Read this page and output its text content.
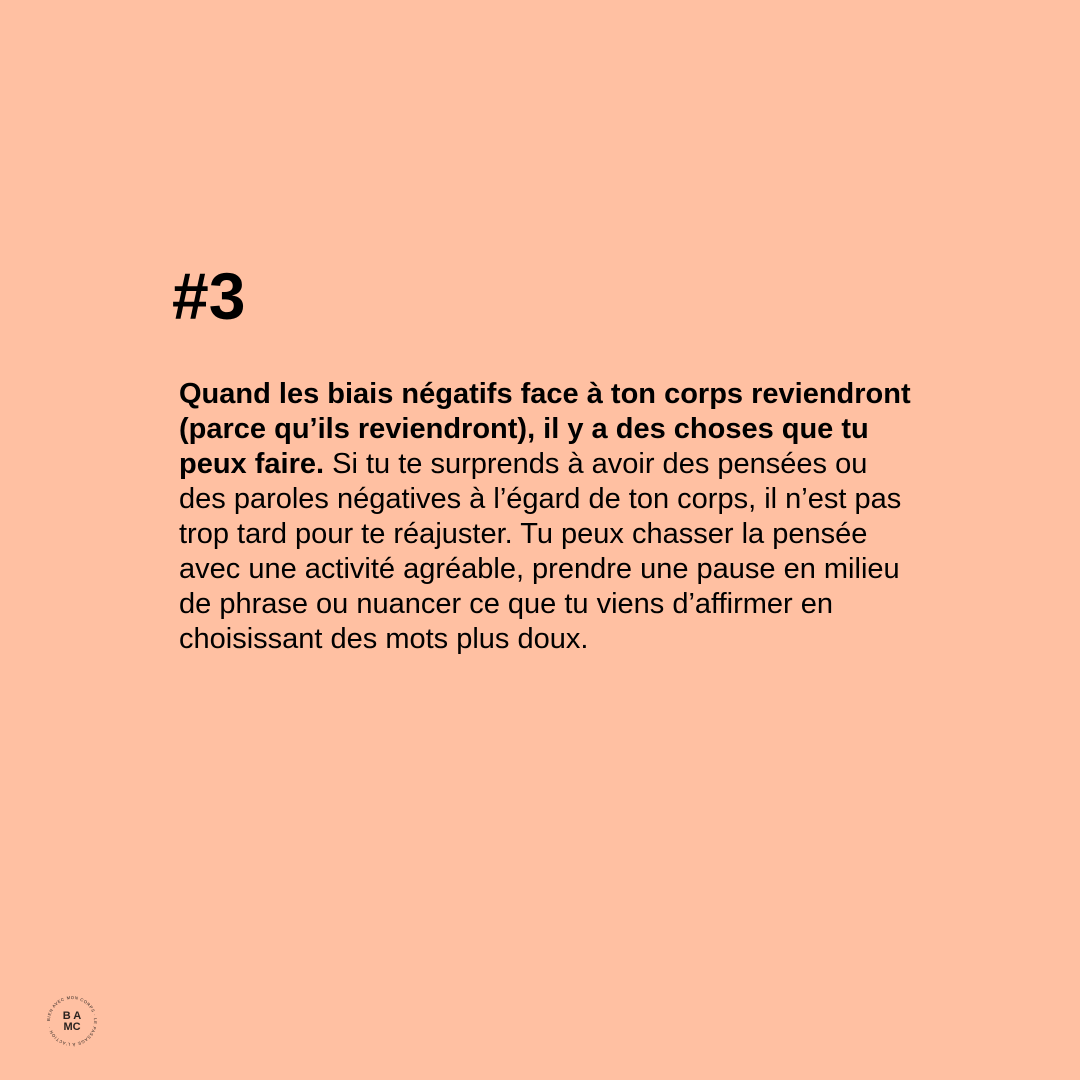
#3

Quand les biais négatifs face à ton corps reviendront (parce qu’ils reviendront), il y a des choses que tu peux faire. Si tu te surprends à avoir des pensées ou des paroles négatives à l’égard de ton corps, il n’est pas trop tard pour te réajuster. Tu peux chasser la pensée avec une activité agréable, prendre une pause en milieu de phrase ou nuancer ce que tu viens d’affirmer en choisissant des mots plus doux.

BIEN AVEC MON CORPS · LE PASSAGE À L’ACTION ·
B A
MC
